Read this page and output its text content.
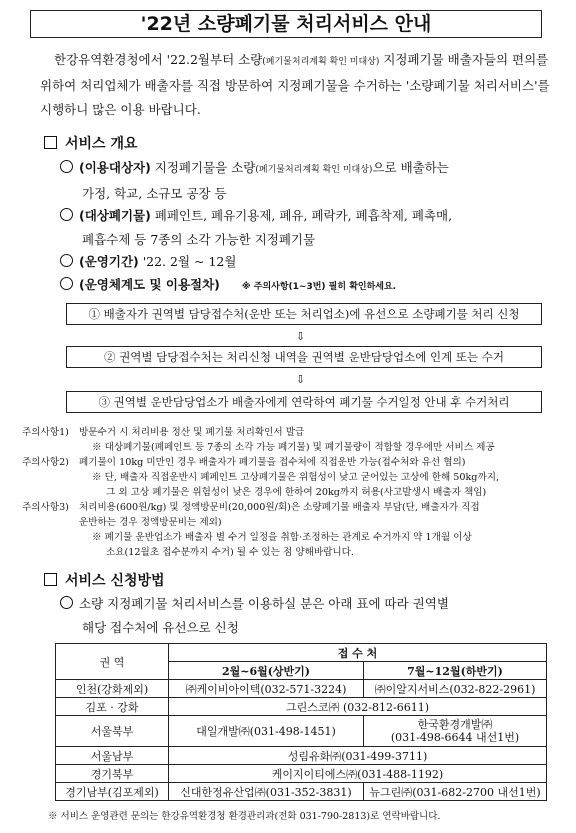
'22년 소량폐기물 처리서비스 안내
한강유역환경청에서 '22.2월부터 소량(폐기물처리계획 확인 미대상) 지정폐기물 배출자들의 편의를 위하여 처리업체가 배출자를 직접 방문하여 지정폐기물을 수거하는 '소량폐기물 처리서비스'를 시행하니 많은 이용 바랍니다.
서비스 개요
(이용대상자) 지정폐기물을 소량(폐기물처리계획 확인 미대상)으로 배출하는
가정, 학교, 소규모 공장 등
(대상폐기물) 폐페인트, 폐유기용제, 폐유, 폐락카, 폐흡착제, 폐촉매,
폐흡수제 등 7종의 소각 가능한 지정폐기물
(운영기간) '22. 2월 ~ 12월
(운영체계도 및 이용절차) ※ 주의사항(1~3번) 필히 확인하세요.
① 배출자가 권역별 담당접수처(운반 또는 처리업소)에 유선으로 소량폐기물 처리 신청
⇩
② 권역별 담당접수처는 처리신청 내역을 권역별 운반담당업소에 인계 또는 수거
⇩
③ 권역별 운반담당업소가 배출자에게 연락하여 폐기물 수거일정 안내 후 수거처리
주의사항1)	방문수거 시 처리비용 정산 및 폐기물 처리확인서 발급
※ 대상폐기물(폐페인트 등 7종의 소각 가능 폐기물) 및 폐기물량이 적합할 경우에만 서비스 제공
주의사항2)	폐기물이 10kg 미만인 경우 배출자가 폐기물을 접수처에 직접운반 가능(접수처와 유선 협의)
※ 단, 배출자 직접운반시 폐페인트 고상폐기물은 위험성이 낮고 굳어있는 고상에 한해 50kg까지,
그 외 고상 폐기물은 위험성이 낮은 경우에 한하여 20kg까지 허용(사고발생시 배출자 책임)
주의사항3)	처리비용(600원/kg) 및 정액방문비(20,000원/회)은 소량폐기물 배출자 부담(단, 배출자가 직접
운반하는 경우 정액방문비는 제외)
※ 폐기물 운반업소가 배출자 별 수거 일정을 취합·조정하는 관계로 수거까지 약 1개월 이상
소요(12월초 접수분까지 수거) 될 수 있는 점 양해바랍니다.
서비스 신청방법
소량 지정폐기물 처리서비스를 이용하실 분은 아래 표에 따라 권역별
해당 접수처에 유선으로 신청
권 역	접 수 처	
	2월~6월(상반기)	7월~12월(하반기)
인천(강화제외)	㈜케이비아이텍(032-571-3224)	㈜이알지서비스(032-822-2961)
김포 · 강화	그린스코㈜ (032-812-6611)	
서울북부	대일개발㈜(031-498-1451)	한국환경개발㈜
(031-498-6644 내선1번)

서울남부	성림유화㈜(031-499-3711)	
경기북부	케이지이티에스㈜(031-488-1192)	
경기남부(김포제외)	신대한정유산업㈜(031-352-3831)	뉴그린㈜(031-682-2700 내선1번)
※ 서비스 운영관련 문의는 한강유역환경청 환경관리과(전화 031-790-2813)로 연락바랍니다.
